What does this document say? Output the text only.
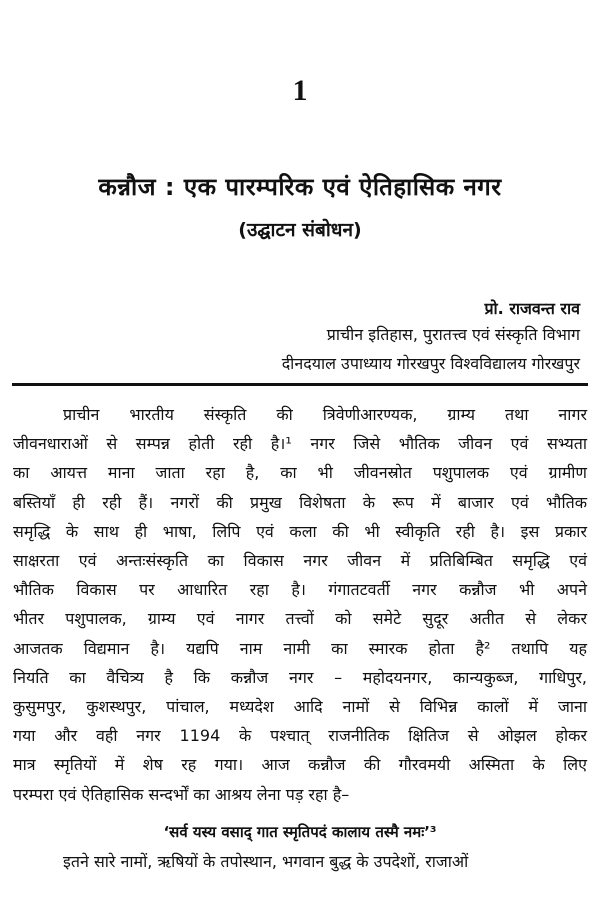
1
कन्नौज : एक पारम्परिक एवं ऐतिहासिक नगर
(उद्घाटन संबोधन)
प्रो. राजवन्त राव
प्राचीन इतिहास, पुरातत्त्व एवं संस्कृति विभाग
दीनदयाल उपाध्याय गोरखपुर विश्वविद्यालय गोरखपुर
प्राचीन भारतीय संस्कृति की त्रिवेणीआरण्यक, ग्राम्य तथा नागर
जीवनधाराओं से सम्पन्न होती रही है।¹ नगर जिसे भौतिक जीवन एवं सभ्यता
का आयत्त माना जाता रहा है, का भी जीवनस्रोत पशुपालक एवं ग्रामीण
बस्तियाँ ही रही हैं। नगरों की प्रमुख विशेषता के रूप में बाजार एवं भौतिक
समृद्धि के साथ ही भाषा, लिपि एवं कला की भी स्वीकृति रही है। इस प्रकार
साक्षरता एवं अन्तःसंस्कृति का विकास नगर जीवन में प्रतिबिम्बित समृद्धि एवं
भौतिक विकास पर आधारित रहा है। गंगातटवर्ती नगर कन्नौज भी अपने
भीतर पशुपालक, ग्राम्य एवं नागर तत्त्वों को समेटे सुदूर अतीत से लेकर
आजतक विद्यमान है। यद्यपि नाम नामी का स्मारक होता है² तथापि यह
नियति का वैचित्र्य है कि कन्नौज नगर – महोदयनगर, कान्यकुब्ज, गाधिपुर,
कुसुमपुर, कुशस्थपुर, पांचाल, मध्यदेश आदि नामों से विभिन्न कालों में जाना
गया और वही नगर 1194 के पश्चात् राजनीतिक क्षितिज से ओझल होकर
मात्र स्मृतियों में शेष रह गया। आज कन्नौज की गौरवमयी अस्मिता के लिए
परम्परा एवं ऐतिहासिक सन्दर्भों का आश्रय लेना पड़ रहा है–
‘सर्व यस्य वसाद् गात स्मृतिपदं कालाय तस्मै नमः’³
इतने सारे नामों, ऋषियों के तपोस्थान, भगवान बुद्ध के उपदेशों, राजाओं
